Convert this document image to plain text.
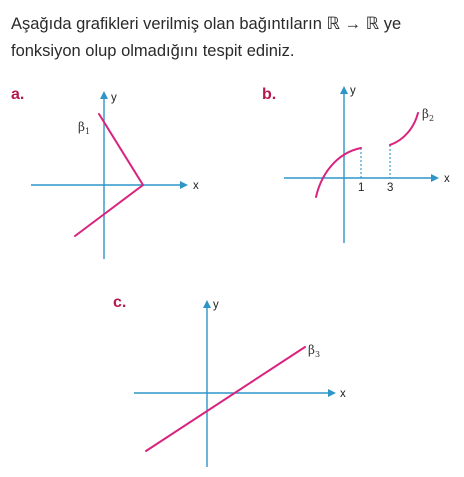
Aşağıda grafikleri verilmiş olan bağıntıların ℝ → ℝ ye
fonksiyon olup olmadığını tespit ediniz.
a.	b.
c.
x
y
$\beta_1$
1 3
x
y
$\beta_2$
x
y
$\beta_3$
